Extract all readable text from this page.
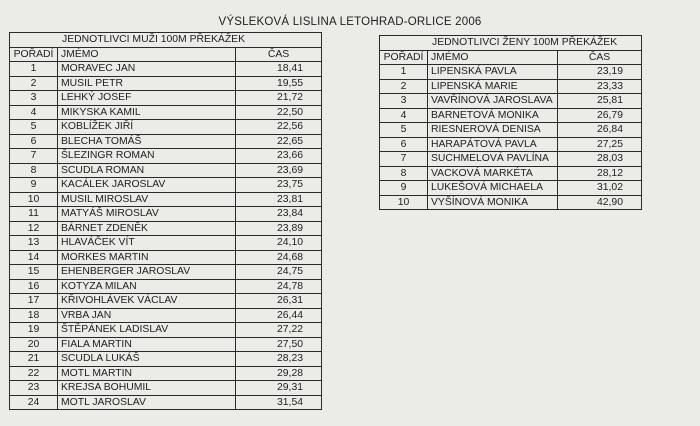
VÝSLEKOVÁ LISLINA LETOHRAD-ORLICE 2006
JEDNOTLIVCI MUŽI 100M PŘEKÁŽEK		
POŘADÍ	JMÉMO	ČAS
1	MORAVEC JAN	18,41
2	MUSIL PETR	19,55
3	LEHKÝ JOSEF	21,72
4	MIKYSKA KAMIL	22,50
5	KOBLÍŽEK JIŘÍ	22,56
6	BLECHA TOMÁŠ	22,65
7	ŠLEZINGR ROMAN	23,66
8	SCUDLA ROMAN	23,69
9	KACÁLEK JAROSLAV	23,75
10	MUSIL MIROSLAV	23,81
11	MATYÁŠ MIROSLAV	23,84
12	BÁRNET ZDENĚK	23,89
13	HLAVÁČEK VÍT	24,10
14	MORKES MARTIN	24,68
15	EHENBERGER JAROSLAV	24,75
16	KOTYZA MILAN	24,78
17	KŘIVOHLÁVEK VÁCLAV	26,31
18	VRBA JAN	26,44
19	ŠTĚPÁNEK LADISLAV	27,22
20	FIALA MARTIN	27,50
21	SCUDLA LUKÁŠ	28,23
22	MOTL MARTIN	29,28
23	KREJSA BOHUMIL	29,31
24	MOTL JAROSLAV	31,54
JEDNOTLIVCI ŽENY 100M PŘEKÁŽEK		
POŘADÍ	JMÉMO	ČAS
1	LIPENSKÁ PAVLA	23,19
2	LIPENSKÁ MARIE	23,33
3	VAVŘÍNOVÁ JAROSLAVA	25,81
4	BARNETOVÁ MONIKA	26,79
5	RIESNEROVÁ DENISA	26,84
6	HARAPÁTOVÁ PAVLA	27,25
7	SUCHMELOVÁ PAVLÍNA	28,03
8	VACKOVÁ MARKÉTA	28,12
9	LUKEŠOVÁ MICHAELA	31,02
10	VYŠÍNOVÁ MONIKA	42,90
